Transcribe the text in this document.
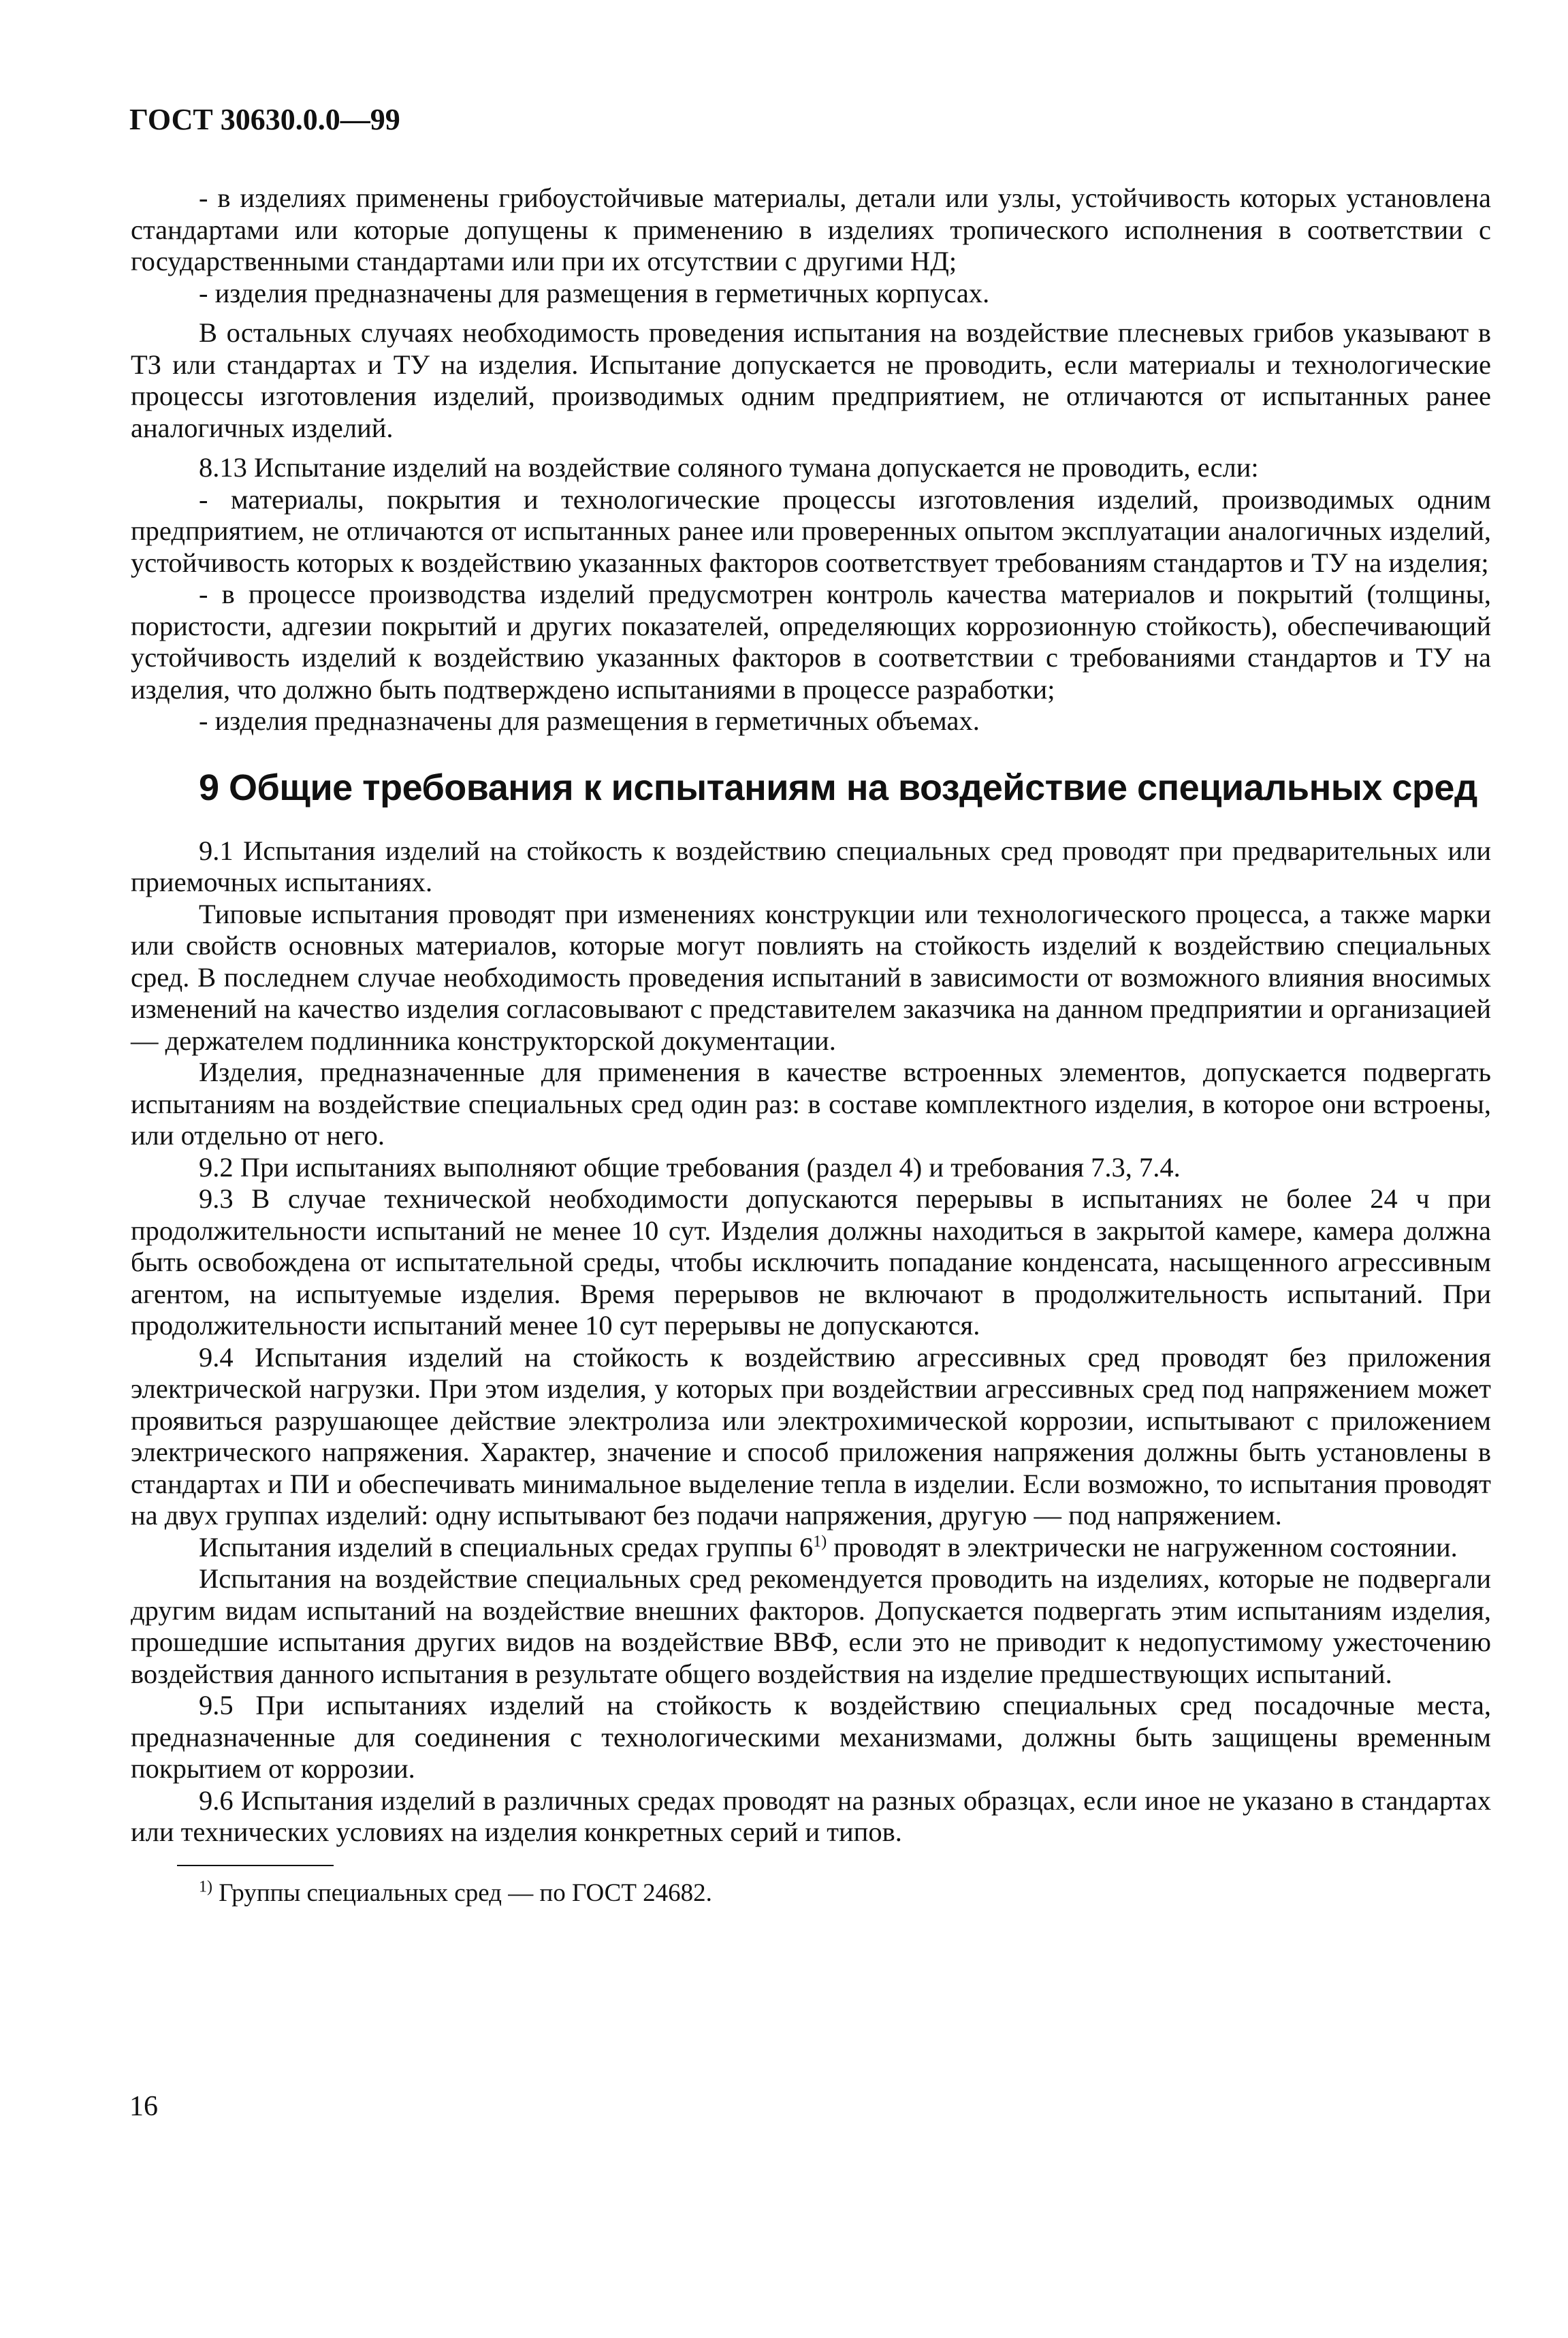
ГОСТ 30630.0.0—99

- в изделиях применены грибоустойчивые материалы, детали или узлы, устойчивость которых установлена стандартами или которые допущены к применению в изделиях тропического исполнения в соответствии с государственными стандартами или при их отсутствии с другими НД;

- изделия предназначены для размещения в герметичных корпусах.

В остальных случаях необходимость проведения испытания на воздействие плесневых грибов указывают в ТЗ или стандартах и ТУ на изделия. Испытание допускается не проводить, если материалы и технологические процессы изготовления изделий, производимых одним предприятием, не отличаются от испытанных ранее аналогичных изделий.

8.13 Испытание изделий на воздействие соляного тумана допускается не проводить, если:

- материалы, покрытия и технологические процессы изготовления изделий, производимых одним предприятием, не отличаются от испытанных ранее или проверенных опытом эксплуатации аналогичных изделий, устойчивость которых к воздействию указанных факторов соответствует требованиям стандартов и ТУ на изделия;

- в процессе производства изделий предусмотрен контроль качества материалов и покрытий (толщины, пористости, адгезии покрытий и других показателей, определяющих коррозионную стойкость), обеспечивающий устойчивость изделий к воздействию указанных факторов в соответствии с требованиями стандартов и ТУ на изделия, что должно быть подтверждено испытаниями в процессе разработки;

- изделия предназначены для размещения в герметичных объемах.

9 Общие требования к испытаниям на воздействие специальных сред

9.1 Испытания изделий на стойкость к воздействию специальных сред проводят при предварительных или приемочных испытаниях.

Типовые испытания проводят при изменениях конструкции или технологического процесса, а также марки или свойств основных материалов, которые могут повлиять на стойкость изделий к воздействию специальных сред. В последнем случае необходимость проведения испытаний в зависимости от возможного влияния вносимых изменений на качество изделия согласовывают с представителем заказчика на данном предприятии и организацией — держателем подлинника конструкторской документации.

Изделия, предназначенные для применения в качестве встроенных элементов, допускается подвергать испытаниям на воздействие специальных сред один раз: в составе комплектного изделия, в которое они встроены, или отдельно от него.

9.2 При испытаниях выполняют общие требования (раздел 4) и требования 7.3, 7.4.

9.3 В случае технической необходимости допускаются перерывы в испытаниях не более 24 ч при продолжительности испытаний не менее 10 сут. Изделия должны находиться в закрытой камере, камера должна быть освобождена от испытательной среды, чтобы исключить попадание конденсата, насыщенного агрессивным агентом, на испытуемые изделия. Время перерывов не включают в продолжительность испытаний. При продолжительности испытаний менее 10 сут перерывы не допускаются.

9.4 Испытания изделий на стойкость к воздействию агрессивных сред проводят без приложения электрической нагрузки. При этом изделия, у которых при воздействии агрессивных сред под напряжением может проявиться разрушающее действие электролиза или электрохимической коррозии, испытывают с приложением электрического напряжения. Характер, значение и способ приложения напряжения должны быть установлены в стандартах и ПИ и обеспечивать минимальное выделение тепла в изделии. Если возможно, то испытания проводят на двух группах изделий: одну испытывают без подачи напряжения, другую — под напряжением.

Испытания изделий в специальных средах группы 6$^{1)}$ проводят в электрически не нагруженном состоянии.

Испытания на воздействие специальных сред рекомендуется проводить на изделиях, которые не подвергали другим видам испытаний на воздействие внешних факторов. Допускается подвергать этим испытаниям изделия, прошедшие испытания других видов на воздействие ВВФ, если это не приводит к недопустимому ужесточению воздействия данного испытания в результате общего воздействия на изделие предшествующих испытаний.

9.5 При испытаниях изделий на стойкость к воздействию специальных сред посадочные места, предназначенные для соединения с технологическими механизмами, должны быть защищены временным покрытием от коррозии.

9.6 Испытания изделий в различных средах проводят на разных образцах, если иное не указано в стандартах или технических условиях на изделия конкретных серий и типов.

$^{1)}$ Группы специальных сред — по ГОСТ 24682.
16
